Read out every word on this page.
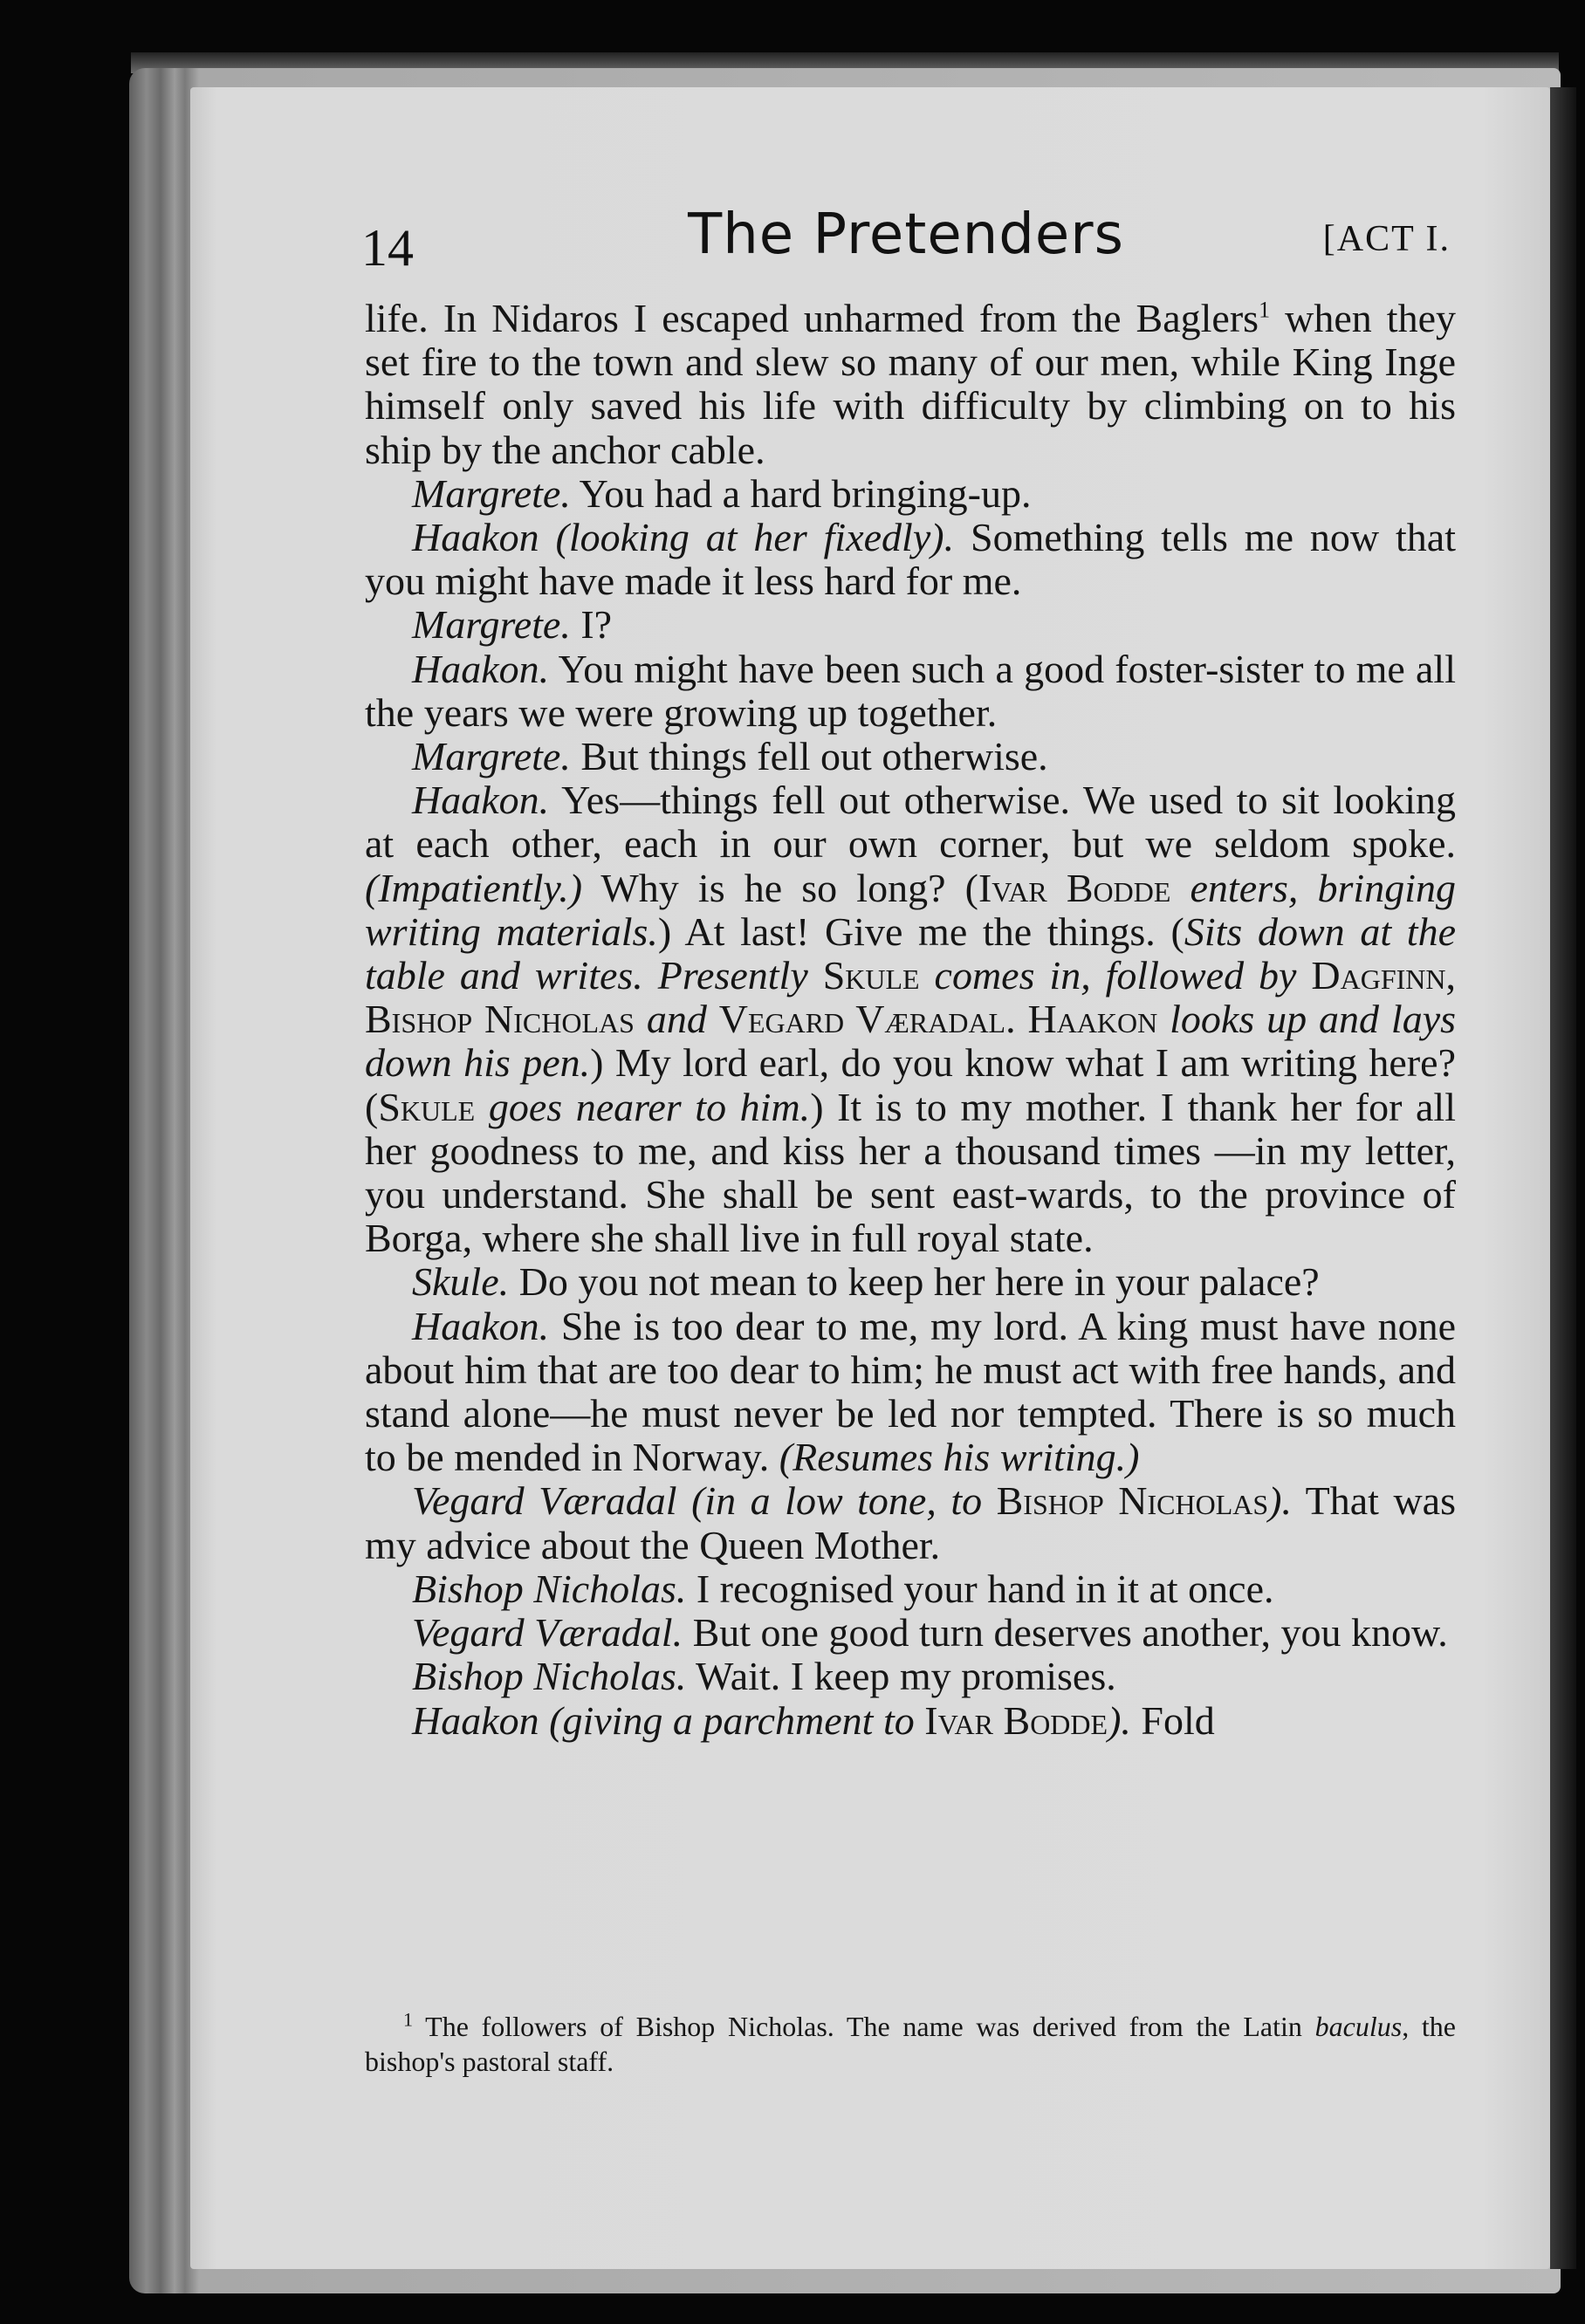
14	The Pretenders	[ACT I.

life. In Nidaros I escaped unharmed from the Baglers$^1$ when they set fire to the town and slew so many of our men, while King Inge himself only saved his life with difficulty by climbing on to his ship by the anchor cable.

Margrete. You had a hard bringing-up.

Haakon (looking at her fixedly). Something tells me now that you might have made it less hard for me.

Margrete. I?

Haakon. You might have been such a good foster-sister to me all the years we were growing up together.

Margrete. But things fell out otherwise.

Haakon. Yes—things fell out otherwise. We used to sit looking at each other, each in our own corner, but we seldom spoke. (Impatiently.) Why is he so long? (Ivar Bodde enters, bringing writing materials.) At last! Give me the things. (Sits down at the table and writes. Presently Skule comes in, followed by Dagfinn, Bishop Nicholas and Vegard Væradal. Haakon looks up and lays down his pen.) My lord earl, do you know what I am writing here? (Skule goes nearer to him.) It is to my mother. I thank her for all her goodness to me, and kiss her a thousand times —in my letter, you understand. She shall be sent east-wards, to the province of Borga, where she shall live in full royal state.

Skule. Do you not mean to keep her here in your palace?

Haakon. She is too dear to me, my lord. A king must have none about him that are too dear to him; he must act with free hands, and stand alone—he must never be led nor tempted. There is so much to be mended in Norway. (Resumes his writing.)

Vegard Væradal (in a low tone, to Bishop Nicholas). That was my advice about the Queen Mother.

Bishop Nicholas. I recognised your hand in it at once.

Vegard Væradal. But one good turn deserves another, you know.

Bishop Nicholas. Wait. I keep my promises.

Haakon (giving a parchment to Ivar Bodde). Fold

$^1$ The followers of Bishop Nicholas. The name was derived from the Latin baculus, the bishop's pastoral staff.
